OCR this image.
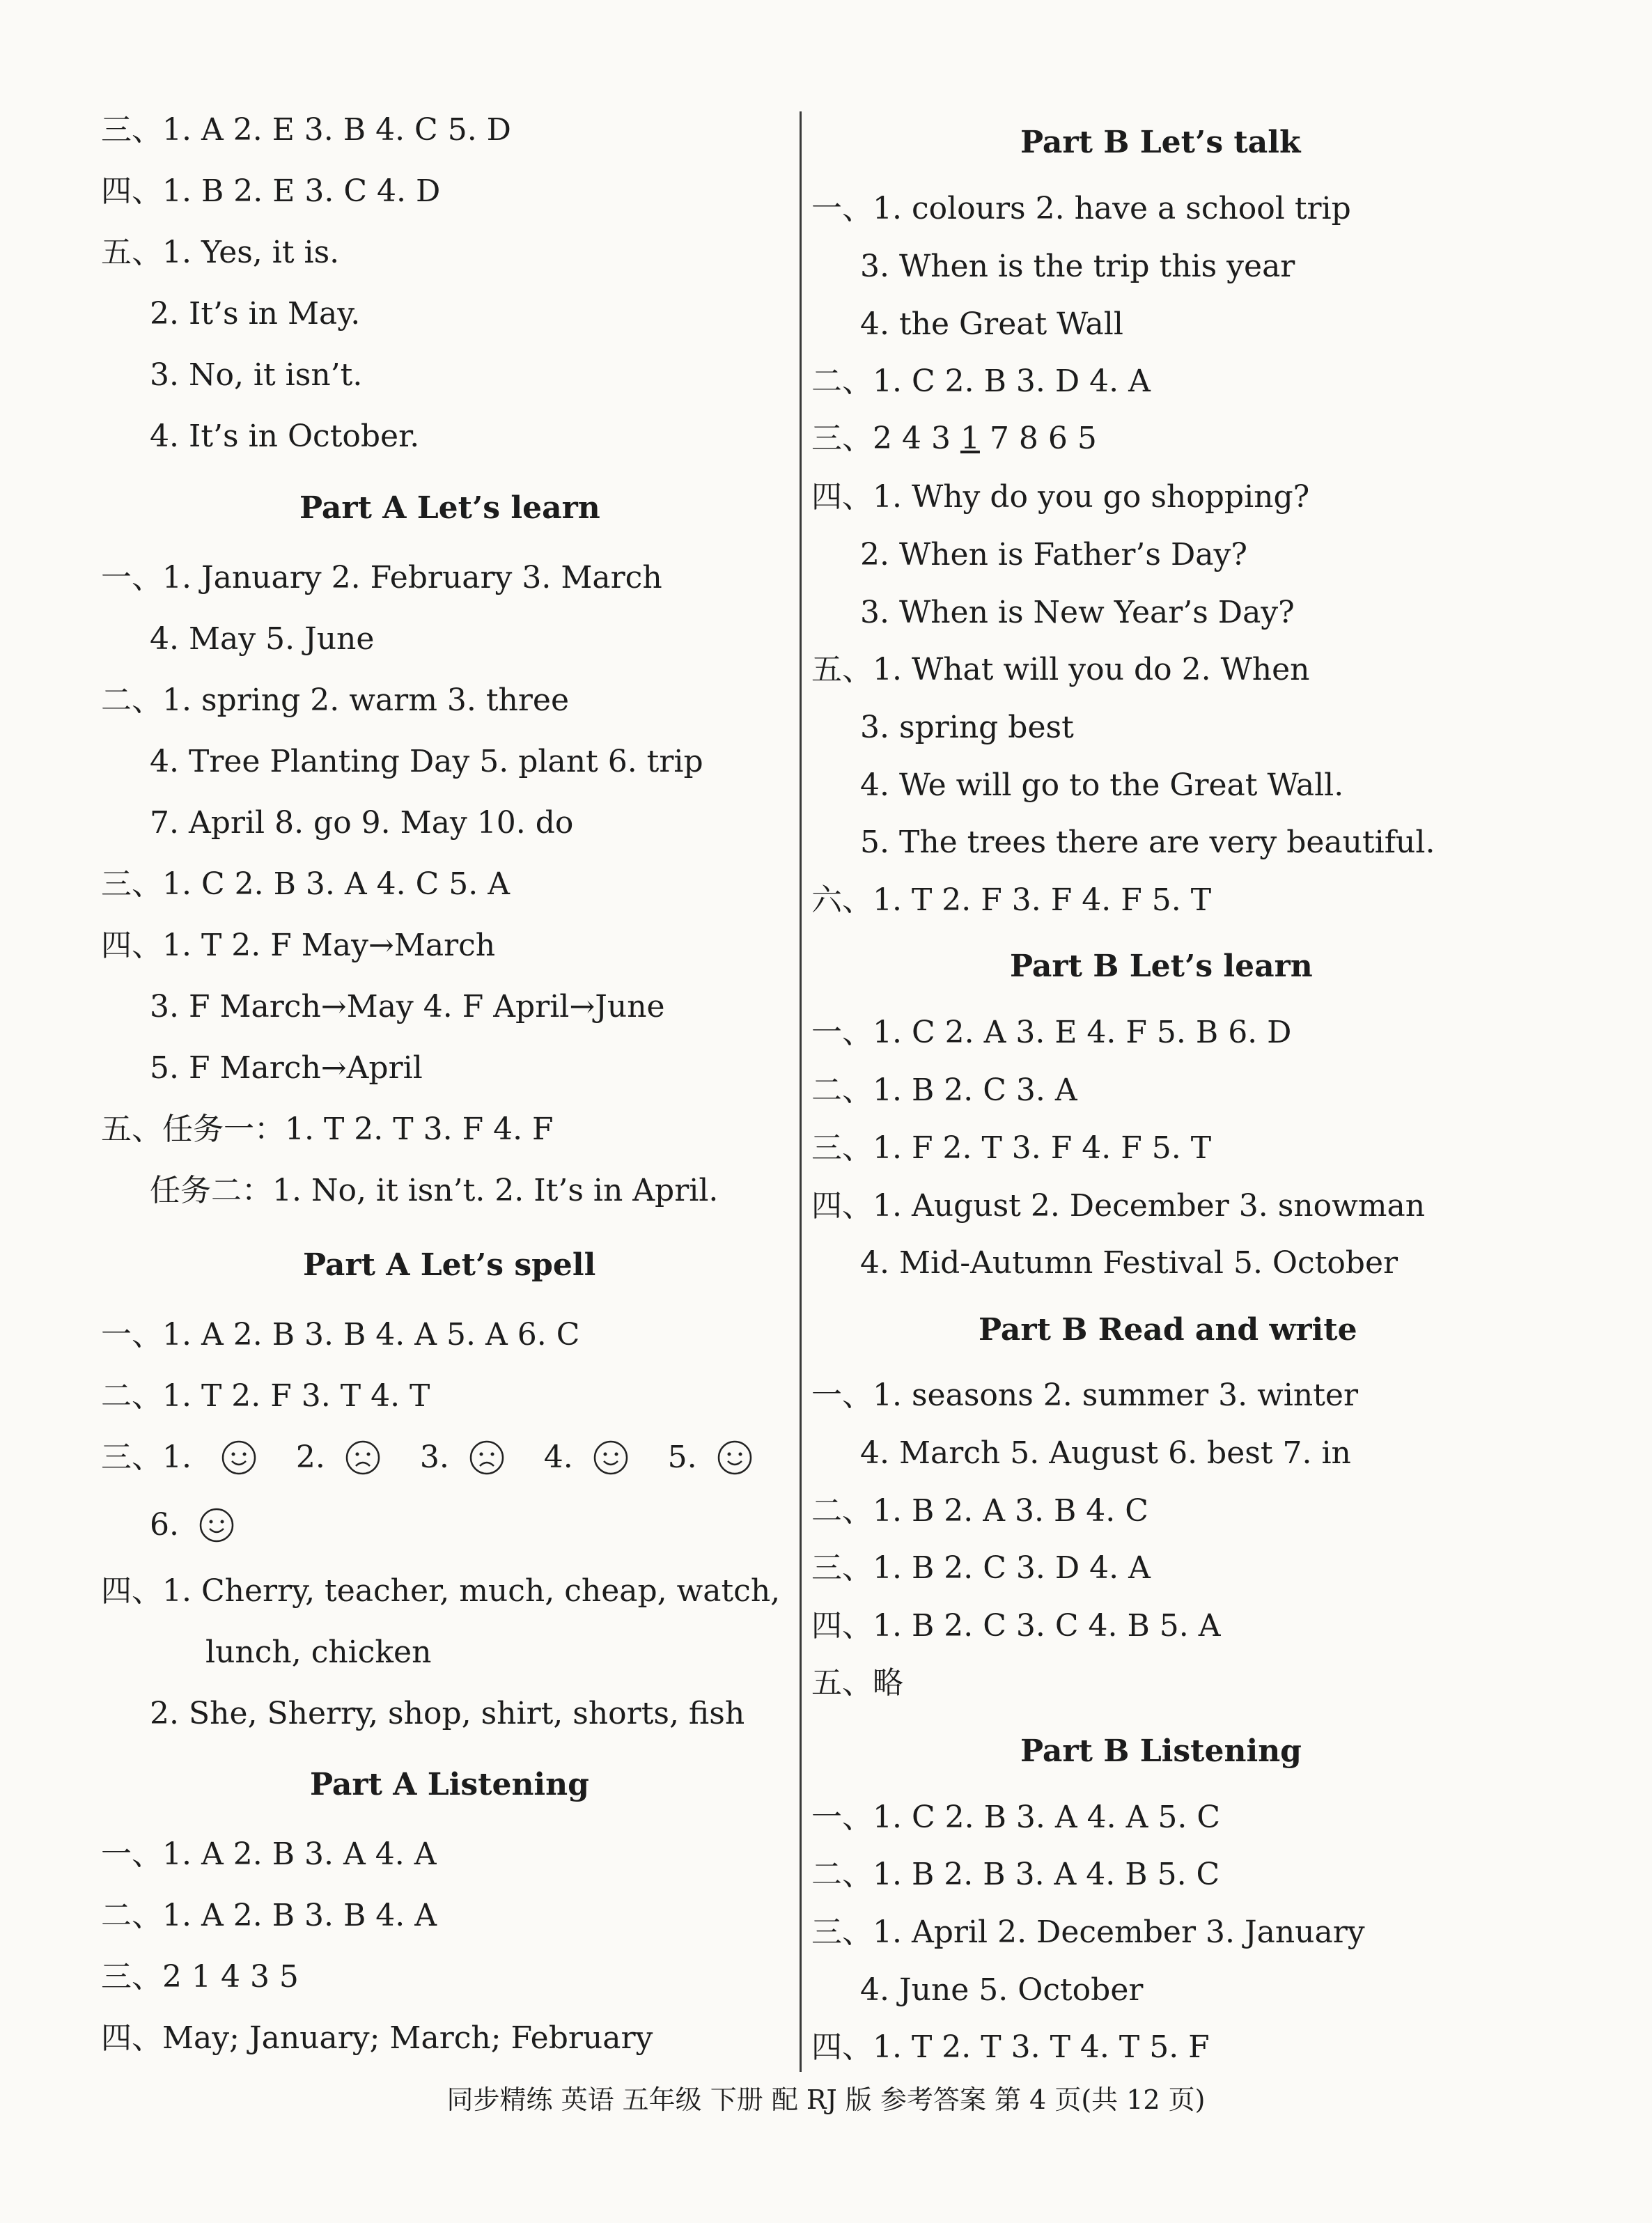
三、1. A 2. E 3. B 4. C 5. D
四、1. B 2. E 3. C 4. D
五、1. Yes, it is.
2. It’s in May.
3. No, it isn’t.
4. It’s in October.
Part A Let’s learn
一、1. January 2. February 3. March
4. May 5. June
二、1. spring 2. warm 3. three
4. Tree Planting Day 5. plant 6. trip
7. April 8. go 9. May 10. do
三、1. C 2. B 3. A 4. C 5. A
四、1. T 2. F May→March
3. F March→May 4. F April→June
5. F March→April
五、任务一：1. T 2. T 3. F 4. F
任务二：1. No, it isn’t. 2. It’s in April.
Part A Let’s spell
一、1. A 2. B 3. B 4. A 5. A 6. C
二、1. T 2. F 3. T 4. T
三、1.	2.	3.	4.	5.
6.
四、1. Cherry, teacher, much, cheap, watch,
lunch, chicken
2. She, Sherry, shop, shirt, shorts, fish
Part A Listening
一、1. A 2. B 3. A 4. A
二、1. A 2. B 3. B 4. A
三、2 1 4 3 5
四、May; January; March; February
Part B Let’s talk
一、1. colours 2. have a school trip
3. When is the trip this year
4. the Great Wall
二、1. C 2. B 3. D 4. A
三、2 4 3 1 7 8 6 5
四、1. Why do you go shopping?
2. When is Father’s Day?
3. When is New Year’s Day?
五、1. What will you do 2. When
3. spring best
4. We will go to the Great Wall.
5. The trees there are very beautiful.
六、1. T 2. F 3. F 4. F 5. T
Part B Let’s learn
一、1. C 2. A 3. E 4. F 5. B 6. D
二、1. B 2. C 3. A
三、1. F 2. T 3. F 4. F 5. T
四、1. August 2. December 3. snowman
4. Mid-Autumn Festival 5. October
Part B Read and write
一、1. seasons 2. summer 3. winter
4. March 5. August 6. best 7. in
二、1. B 2. A 3. B 4. C
三、1. B 2. C 3. D 4. A
四、1. B 2. C 3. C 4. B 5. A
五、略
Part B Listening
一、1. C 2. B 3. A 4. A 5. C
二、1. B 2. B 3. A 4. B 5. C
三、1. April 2. December 3. January
4. June 5. October
四、1. T 2. T 3. T 4. T 5. F
同步精练 英语 五年级 下册 配 RJ 版 参考答案 第 4 页(共 12 页)
